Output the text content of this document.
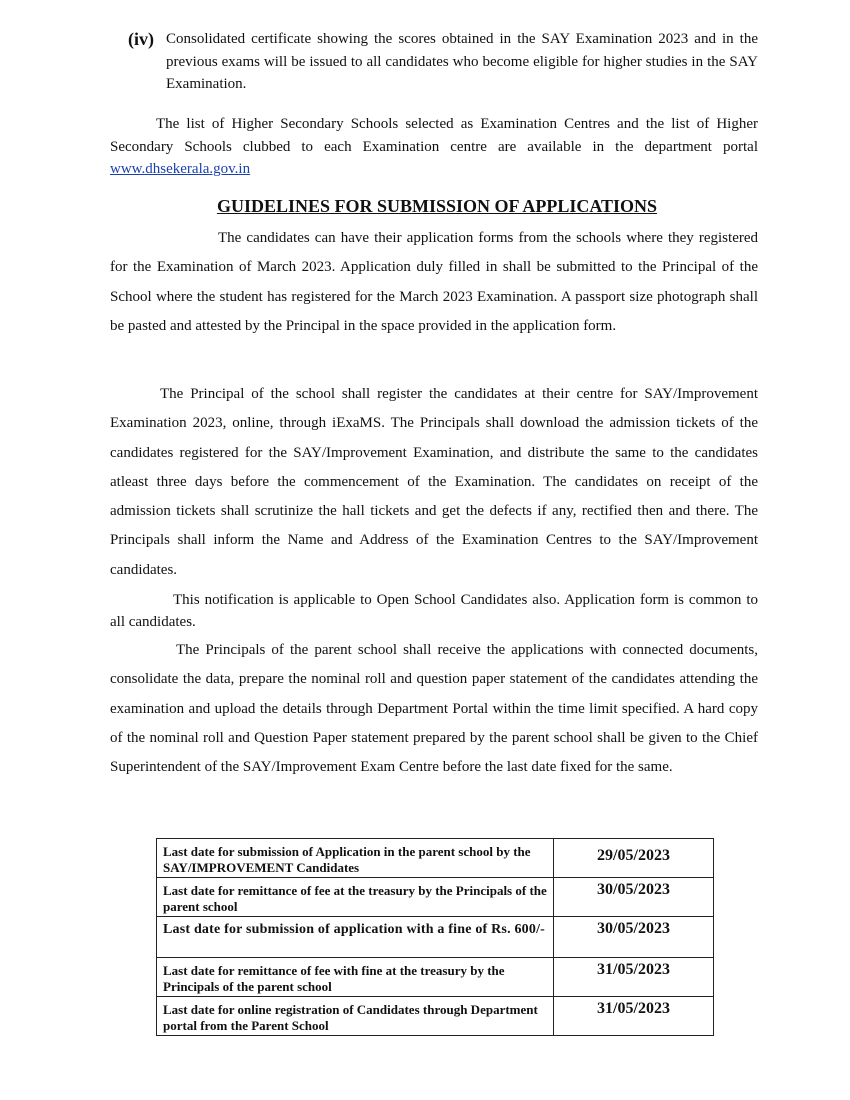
(iv) Consolidated certificate showing the scores obtained in the SAY Examination 2023 and in the previous exams will be issued to all candidates who become eligible for higher studies in the SAY Examination.
The list of Higher Secondary Schools selected as Examination Centres and the list of Higher Secondary Schools clubbed to each Examination centre are available in the department portal www.dhsekerala.gov.in
GUIDELINES FOR SUBMISSION OF APPLICATIONS
The candidates can have their application forms from the schools where they registered for the Examination of March 2023. Application duly filled in shall be submitted to the Principal of the School where the student has registered for the March 2023 Examination. A passport size photograph shall be pasted and attested by the Principal in the space provided in the application form.
The Principal of the school shall register the candidates at their centre for SAY/Improvement Examination 2023, online, through iExaMS. The Principals shall download the admission tickets of the candidates registered for the SAY/Improvement Examination, and distribute the same to the candidates atleast three days before the commencement of the Examination. The candidates on receipt of the admission tickets shall scrutinize the hall tickets and get the defects if any, rectified then and there. The Principals shall inform the Name and Address of the Examination Centres to the SAY/Improvement candidates.
This notification is applicable to Open School Candidates also. Application form is common to all candidates.
The Principals of the parent school shall receive the applications with connected documents, consolidate the data, prepare the nominal roll and question paper statement of the candidates attending the examination and upload the details through Department Portal within the time limit specified. A hard copy of the nominal roll and Question Paper statement prepared by the parent school shall be given to the Chief Superintendent of the SAY/Improvement Exam Centre before the last date fixed for the same.
Last date for submission of Application in the parent school by the SAY/IMPROVEMENT Candidates	29/05/2023
Last date for remittance of fee at the treasury by the Principals of the parent school	30/05/2023
Last date for submission of application with a fine of Rs. 600/-	30/05/2023
Last date for remittance of fee with fine at the treasury by the Principals of the parent school	31/05/2023
Last date for online registration of Candidates through Department portal from the Parent School	31/05/2023
